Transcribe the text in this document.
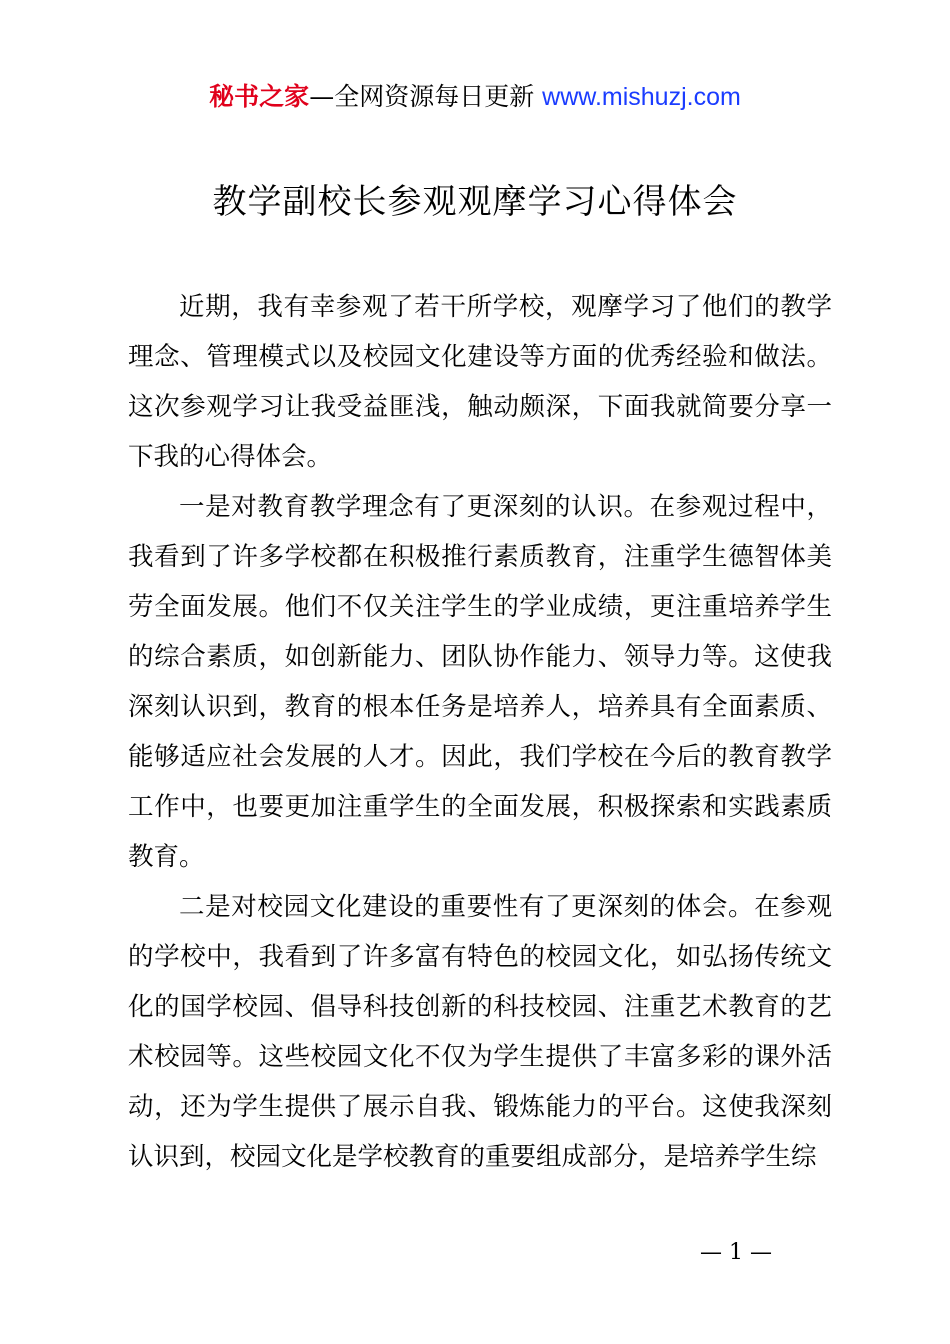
秘书之家—全网资源每日更新 www.mishuzj.com
教学副校长参观观摩学习心得体会

近期，我有幸参观了若干所学校，观摩学习了他们的教学理念、管理模式以及校园文化建设等方面的优秀经验和做法。这次参观学习让我受益匪浅，触动颇深，下面我就简要分享一下我的心得体会。

一是对教育教学理念有了更深刻的认识。在参观过程中，我看到了许多学校都在积极推行素质教育，注重学生德智体美劳全面发展。他们不仅关注学生的学业成绩，更注重培养学生的综合素质，如创新能力、团队协作能力、领导力等。这使我深刻认识到，教育的根本任务是培养人，培养具有全面素质、能够适应社会发展的人才。因此，我们学校在今后的教育教学工作中，也要更加注重学生的全面发展，积极探索和实践素质教育。

二是对校园文化建设的重要性有了更深刻的体会。在参观的学校中，我看到了许多富有特色的校园文化，如弘扬传统文化的国学校园、倡导科技创新的科技校园、注重艺术教育的艺术校园等。这些校园文化不仅为学生提供了丰富多彩的课外活动，还为学生提供了展示自我、锻炼能力的平台。这使我深刻认识到，校园文化是学校教育的重要组成部分，是培养学生综

— 1 —
